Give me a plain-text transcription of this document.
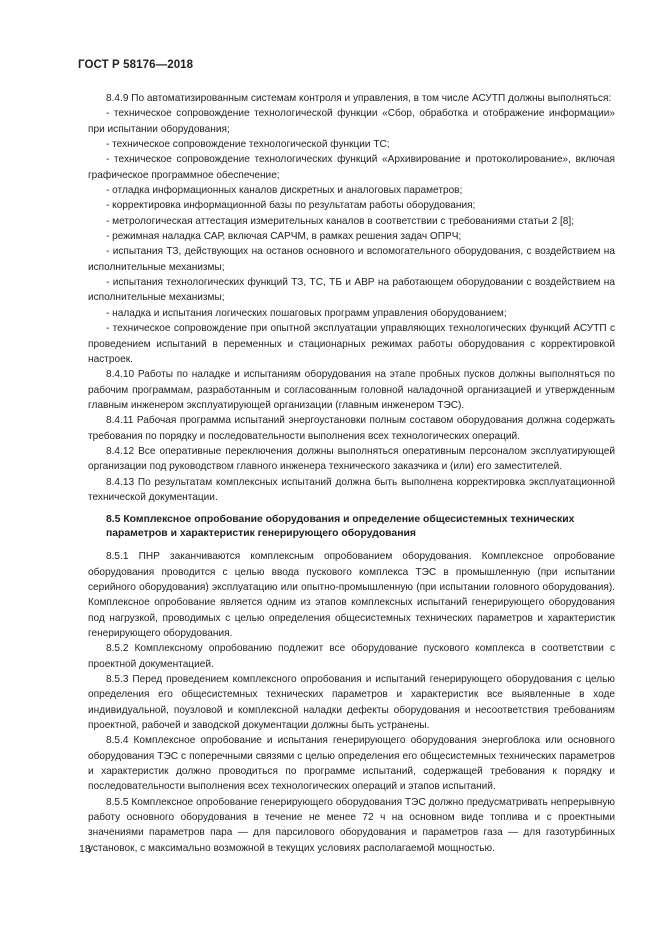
ГОСТ Р 58176—2018
8.4.9 По автоматизированным системам контроля и управления, в том числе АСУТП должны выполняться:
- техническое сопровождение технологической функции «Сбор, обработка и отображение информации» при испытании оборудования;
- техническое сопровождение технологической функции ТС;
- техническое сопровождение технологических функций «Архивирование и протоколирование», включая графическое программное обеспечение;
- отладка информационных каналов дискретных и аналоговых параметров;
- корректировка информационной базы по результатам работы оборудования;
- метрологическая аттестация измерительных каналов в соответствии с требованиями статьи 2 [8];
- режимная наладка САР, включая САРЧМ, в рамках решения задач ОПРЧ;
- испытания ТЗ, действующих на останов основного и вспомогательного оборудования, с воздействием на исполнительные механизмы;
- испытания технологических функций ТЗ, ТС, ТБ и АВР на работающем оборудовании с воздействием на исполнительные механизмы;
- наладка и испытания логических пошаговых программ управления оборудованием;
- техническое сопровождение при опытной эксплуатации управляющих технологических функций АСУТП с проведением испытаний в переменных и стационарных режимах работы оборудования с корректировкой настроек.
8.4.10 Работы по наладке и испытаниям оборудования на этапе пробных пусков должны выполняться по рабочим программам, разработанным и согласованным головной наладочной организацией и утвержденным главным инженером эксплуатирующей организации (главным инженером ТЭС).
8.4.11 Рабочая программа испытаний энергоустановки полным составом оборудования должна содержать требования по порядку и последовательности выполнения всех технологических операций.
8.4.12 Все оперативные переключения должны выполняться оперативным персоналом эксплуатирующей организации под руководством главного инженера технического заказчика и (или) его заместителей.
8.4.13 По результатам комплексных испытаний должна быть выполнена корректировка эксплуатационной технической документации.
8.5 Комплексное опробование оборудования и определение общесистемных технических параметров и характеристик генерирующего оборудования
8.5.1 ПНР заканчиваются комплексным опробованием оборудования. Комплексное опробование оборудования проводится с целью ввода пускового комплекса ТЭС в промышленную (при испытании серийного оборудования) эксплуатацию или опытно-промышленную (при испытании головного оборудования). Комплексное опробование является одним из этапов комплексных испытаний генерирующего оборудования под нагрузкой, проводимых с целью определения общесистемных технических параметров и характеристик генерирующего оборудования.
8.5.2 Комплексному опробованию подлежит все оборудование пускового комплекса в соответствии с проектной документацией.
8.5.3 Перед проведением комплексного опробования и испытаний генерирующего оборудования с целью определения его общесистемных технических параметров и характеристик все выявленные в ходе индивидуальной, поузловой и комплексной наладки дефекты оборудования и несоответствия требованиям проектной, рабочей и заводской документации должны быть устранены.
8.5.4 Комплексное опробование и испытания генерирующего оборудования энергоблока или основного оборудования ТЭС с поперечными связями с целью определения его общесистемных технических параметров и характеристик должно проводиться по программе испытаний, содержащей требования к порядку и последовательности выполнения всех технологических операций и этапов испытаний.
8.5.5 Комплексное опробование генерирующего оборудования ТЭС должно предусматривать непрерывную работу основного оборудования в течение не менее 72 ч на основном виде топлива и с проектными значениями параметров пара — для парсилового оборудования и параметров газа — для газотурбинных установок, с максимально возможной в текущих условиях располагаемой мощностью.
18
